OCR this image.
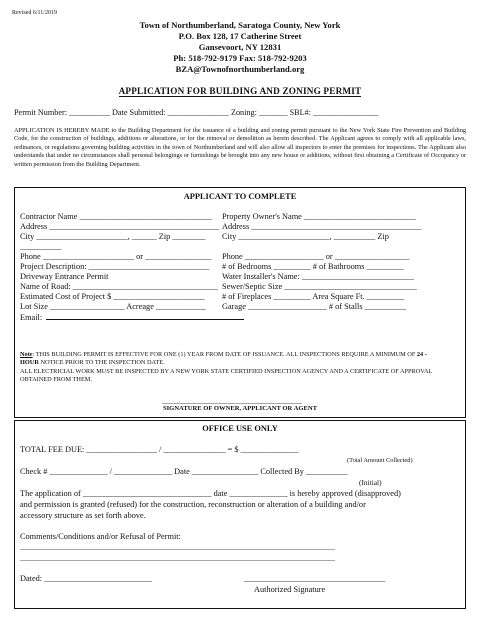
Revised 6/11/2019
Town of Northumberland, Saratoga County, New York
P.O. Box 128, 17 Catherine Street
Gansevoort, NY 12831
Ph: 518-792-9179 Fax: 518-792-9203
BZA@Townofnorthumberland.org
APPLICATION FOR BUILDING AND ZONING PERMIT
Permit Number: __________ Date Submitted: _______________ Zoning: _______ SBL#: ________________
APPLICATION IS HEREBY MADE to the Building Department for the issuance of a building and zoning permit pursuant to the New York State Fire Prevention and Building Code, for the construction of buildings, additions or alterations, or for the removal or demolition as herein described. The Applicant agrees to comply with all applicable laws, ordinances, or regulations governing building activities in the town of Northumberland and will also allow all inspectors to enter the premises for inspections. The Applicant also understands that under no circumstances shall personal belongings or furnishings be brought into any new house or additions, without first obtaining a Certificate of Occupancy or written permission from the Building Department.
APPLICANT TO COMPLETE
Contractor Name ________________________________
Address _________________________________________
City ______________________, ______ Zip ________
__________
Phone ______________________ or ________________
Project Description: _____________________________
Driveway Entrance Permit
Name of Road: ___________________________________
Estimated Cost of Project $ ______________________
Lot Size __________________ Acreage ____________
Email:
Property Owner's Name ___________________________
Address _________________________________________
City ______________________, __________ Zip
Phone ___________________ or __________________
# of Bedrooms _________ # of Bathrooms _________
Water Installer's Name: ___________________________
Sewer/Septic Size ________________________________
# of Fireplaces _________ Area Square Ft. _________
Garage ___________________ # of Stalls __________
Note: THIS BUILDING PERMIT IS EFFECTIVE FOR ONE (1) YEAR FROM DATE OF ISSUANCE. ALL INSPECTIONS REQUIRE A MINIMUM OF 24 - HOUR NOTICE PRIOR TO THE INSPECTION DATE.
ALL ELECTRICIAL WORK MUST BE INSPECTED BY A NEW YORK STATE CERTIFIED INSPECTION AGENCY AND A CERTIFICATE OF APPROVAL OBTAINED FROM THEM.
________________________________________
SIGNATURE OF OWNER, APPLICANT OR AGENT
OFFICE USE ONLY
TOTAL FEE DUE: _________________ / _______________ = $ ______________
(Total Amount Collected)
Check # ______________ / ______________ Date ________________ Collected By __________
(Initial)
The application of _______________________________ date ______________ is hereby approved (disapproved)
and permission is granted (refused) for the construction, reconstruction or alteration of a building and/or
accessory structure as set forth above.
Comments/Conditions and/or Refusal of Permit:
__________________________________________________________________________________________
__________________________________________________________________________________________
Dated: __________________________	__________________________________
Authorized Signature
